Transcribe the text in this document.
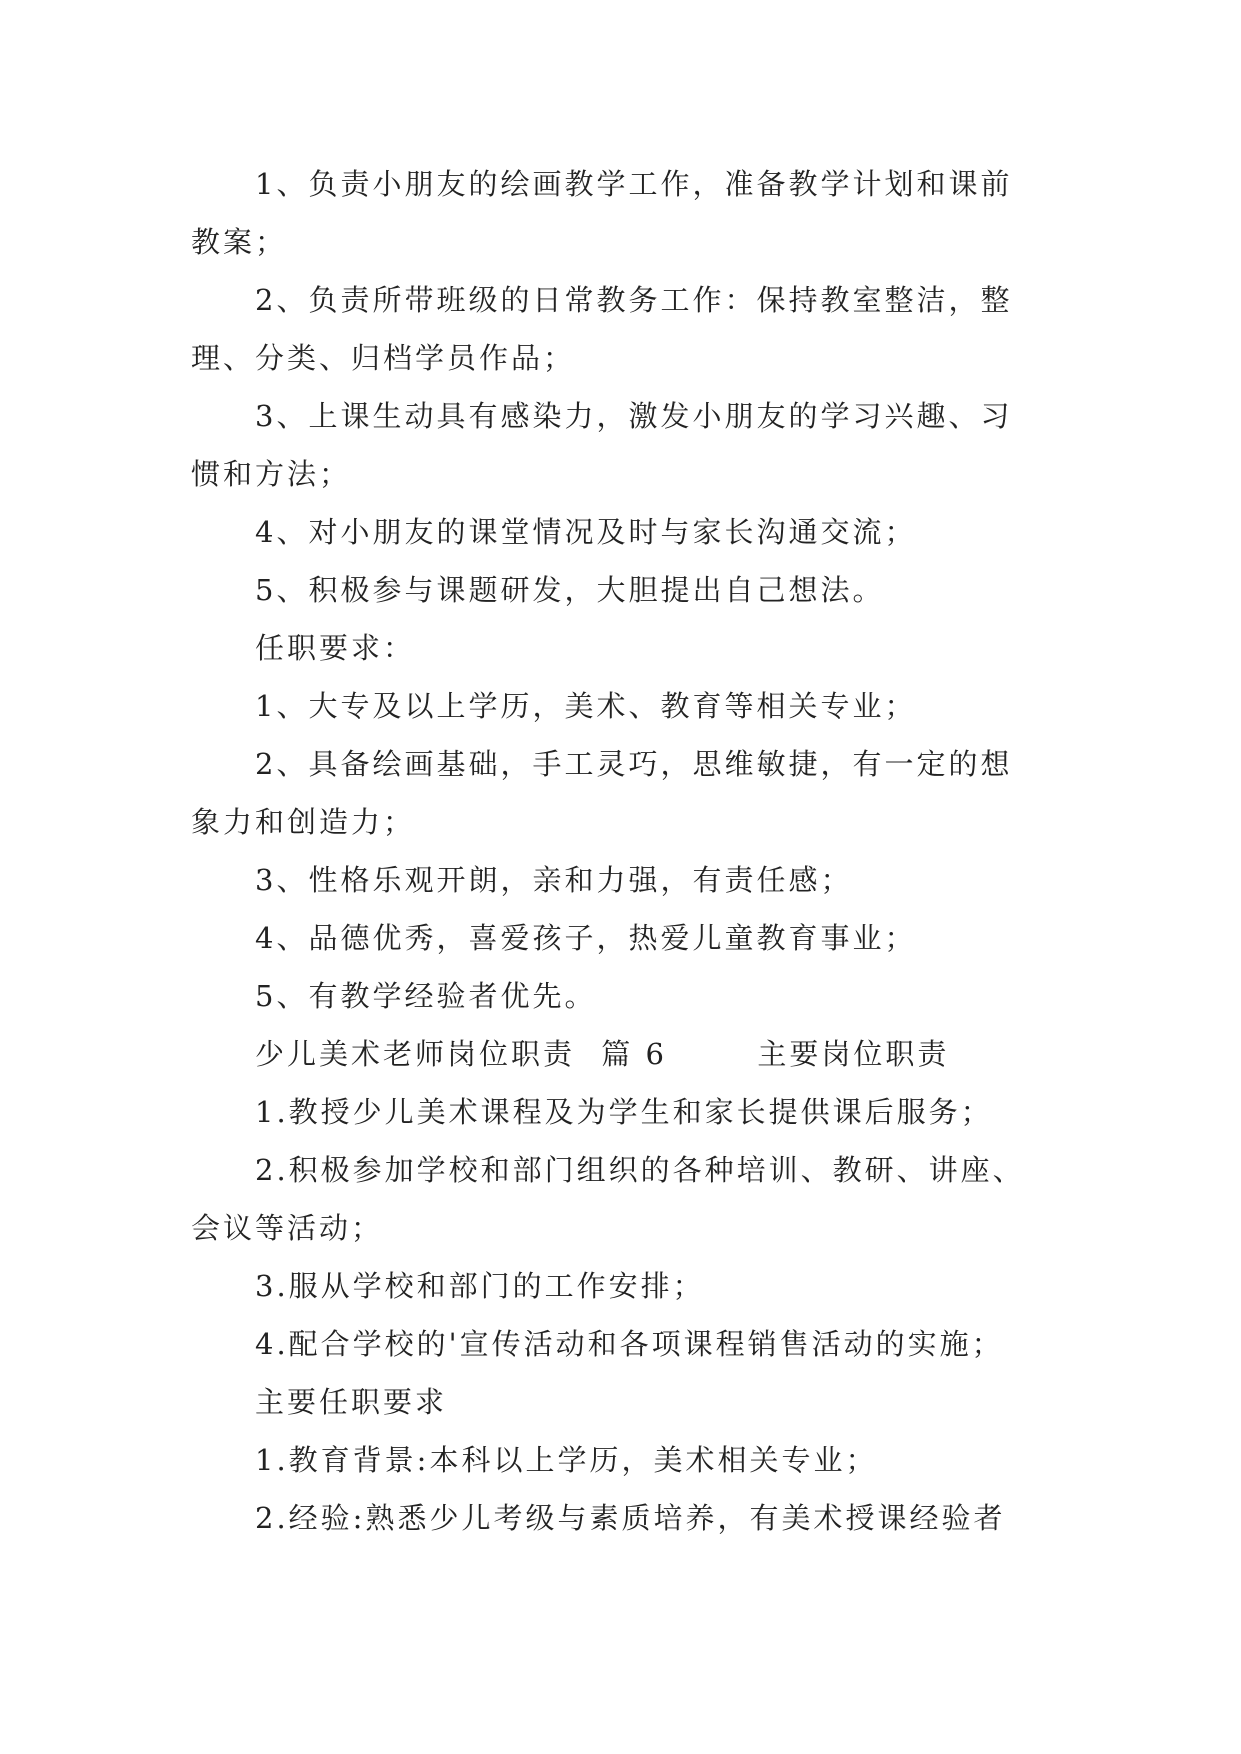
1、负责小朋友的绘画教学工作，准备教学计划和课前
教案；
2、负责所带班级的日常教务工作：保持教室整洁，整
理、分类、归档学员作品；
3、上课生动具有感染力，激发小朋友的学习兴趣、习
惯和方法；
4、对小朋友的课堂情况及时与家长沟通交流；
5、积极参与课题研发，大胆提出自己想法。
任职要求：
1、大专及以上学历，美术、教育等相关专业；
2、具备绘画基础，手工灵巧，思维敏捷，有一定的想
象力和创造力；
3、性格乐观开朗，亲和力强，有责任感；
4、品德优秀，喜爱孩子，热爱儿童教育事业；
5、有教学经验者优先。
少儿美术老师岗位职责 篇 6	主要岗位职责
1.教授少儿美术课程及为学生和家长提供课后服务；
2.积极参加学校和部门组织的各种培训、教研、讲座、
会议等活动；
3.服从学校和部门的工作安排；
4.配合学校的'宣传活动和各项课程销售活动的实施；
主要任职要求
1.教育背景:本科以上学历，美术相关专业；
2.经验:熟悉少儿考级与素质培养，有美术授课经验者
